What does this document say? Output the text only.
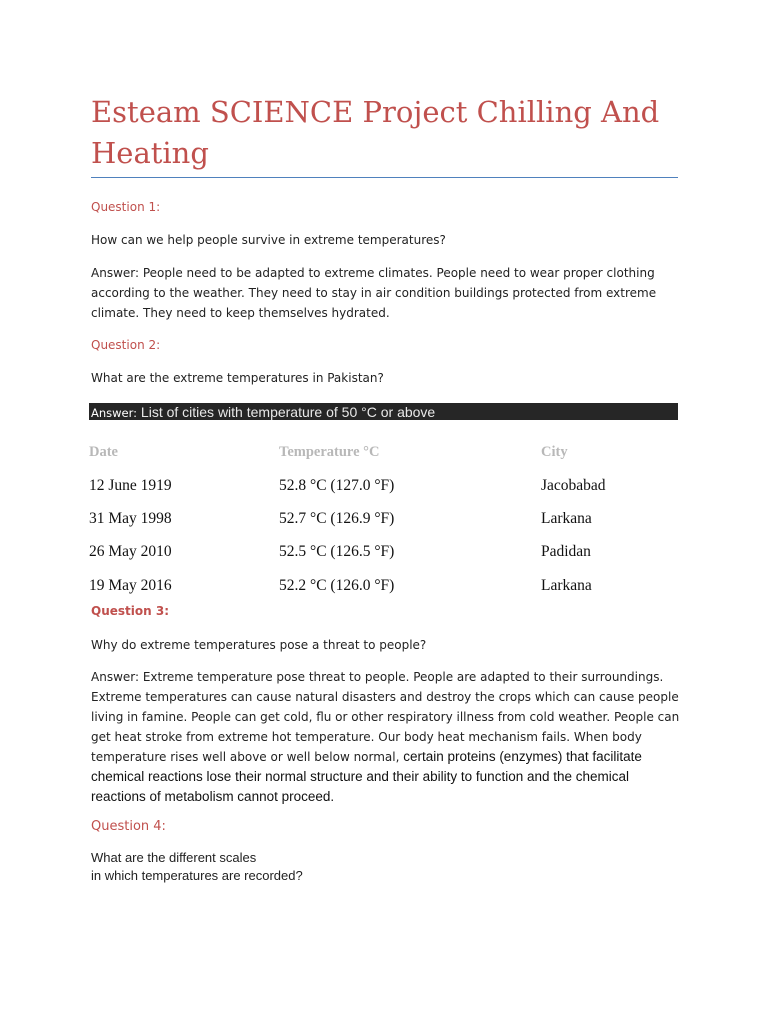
Esteam SCIENCE Project Chilling And Heating

Question 1:

How can we help people survive in extreme temperatures?

Answer: People need to be adapted to extreme climates. People need to wear proper clothing according to the weather. They need to stay in air condition buildings protected from extreme climate. They need to keep themselves hydrated.

Question 2:

What are the extreme temperatures in Pakistan?

Answer: List of cities with temperature of 50 °C or above
Date	Temperature °C	City
12 June 1919	52.8 °C (127.0 °F)	Jacobabad
31 May 1998	52.7 °C (126.9 °F)	Larkana
26 May 2010	52.5 °C (126.5 °F)	Padidan
19 May 2016	52.2 °C (126.0 °F)	Larkana

Question 3:

Why do extreme temperatures pose a threat to people?

Answer: Extreme temperature pose threat to people. People are adapted to their surroundings. Extreme temperatures can cause natural disasters and destroy the crops which can cause people living in famine. People can get cold, flu or other respiratory illness from cold weather. People can get heat stroke from extreme hot temperature. Our body heat mechanism fails. When body temperature rises well above or well below normal, certain proteins (enzymes) that facilitate chemical reactions lose their normal structure and their ability to function and the chemical reactions of metabolism cannot proceed.

Question 4:

What are the different scales
in which temperatures are recorded?
